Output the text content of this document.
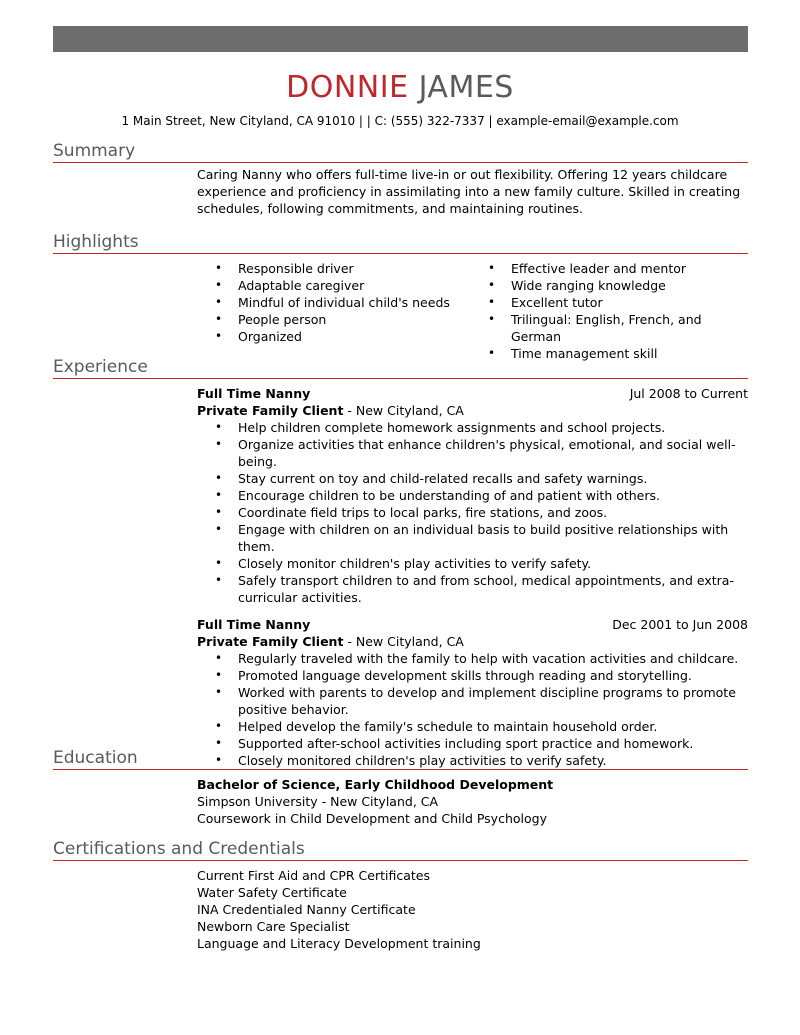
DONNIE JAMES
1 Main Street, New Cityland, CA 91010 | | C: (555) 322-7337 | example-email@example.com
Summary

Caring Nanny who offers full-time live-in or out flexibility. Offering 12 years childcare experience and proficiency in assimilating into a new family culture. Skilled in creating schedules, following commitments, and maintaining routines.

Highlights
• Responsible driver
• Adaptable caregiver
• Mindful of individual child's needs
• People person
• Organized
• Effective leader and mentor
• Wide ranging knowledge
• Excellent tutor
• Trilingual: English, French, and German
• Time management skill
Experience
Full Time Nanny	Jul 2008 to Current
Private Family Client - New Cityland, CA
• Help children complete homework assignments and school projects.
• Organize activities that enhance children's physical, emotional, and social well-being.
• Stay current on toy and child-related recalls and safety warnings.
• Encourage children to be understanding of and patient with others.
• Coordinate field trips to local parks, fire stations, and zoos.
• Engage with children on an individual basis to build positive relationships with them.
• Closely monitor children's play activities to verify safety.
• Safely transport children to and from school, medical appointments, and extra-curricular activities.
Full Time Nanny	Dec 2001 to Jun 2008
Private Family Client - New Cityland, CA
• Regularly traveled with the family to help with vacation activities and childcare.
• Promoted language development skills through reading and storytelling.
• Worked with parents to develop and implement discipline programs to promote positive behavior.
• Helped develop the family's schedule to maintain household order.
• Supported after-school activities including sport practice and homework.
• Closely monitored children's play activities to verify safety.
Education
Bachelor of Science, Early Childhood Development
Simpson University - New Cityland, CA
Coursework in Child Development and Child Psychology
Certifications and Credentials
Current First Aid and CPR Certificates
Water Safety Certificate
INA Credentialed Nanny Certificate
Newborn Care Specialist
Language and Literacy Development training
